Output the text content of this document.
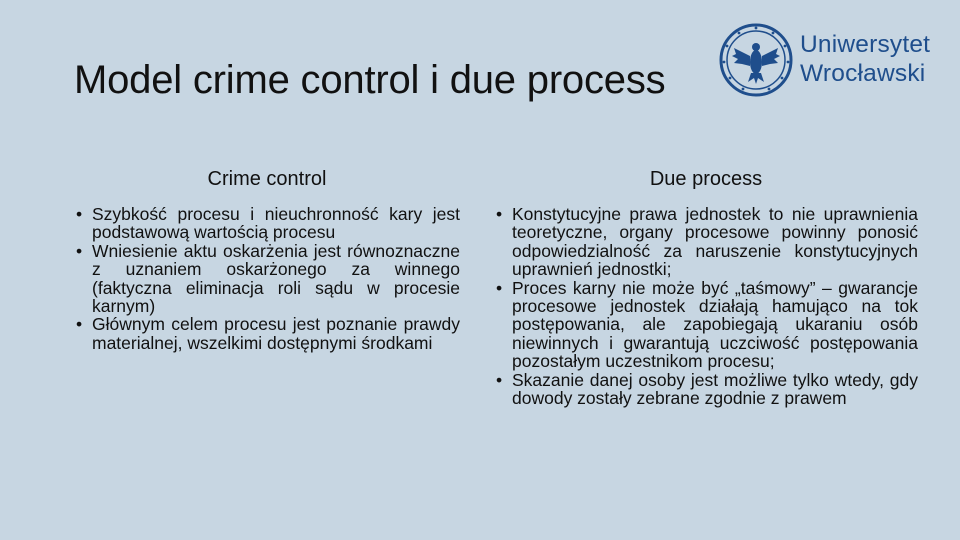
Model crime control i due process
Uniwersytet
Wrocławski
Crime control
• Szybkość procesu i nieuchronność kary jest podstawową wartością procesu
• Wniesienie aktu oskarżenia jest równoznaczne z uznaniem oskarżonego za winnego (faktyczna eliminacja roli sądu w procesie karnym)
• Głównym celem procesu jest poznanie prawdy materialnej, wszelkimi dostępnymi środkami
Due process
• Konstytucyjne prawa jednostek to nie uprawnienia teoretyczne, organy procesowe powinny ponosić odpowiedzialność za naruszenie konstytucyjnych uprawnień jednostki;
• Proces karny nie może być „taśmowy” – gwarancje procesowe jednostek działają hamująco na tok postępowania, ale zapobiegają ukaraniu osób niewinnych i gwarantują uczciwość postępowania pozostałym uczestnikom procesu;
• Skazanie danej osoby jest możliwe tylko wtedy, gdy dowody zostały zebrane zgodnie z prawem
